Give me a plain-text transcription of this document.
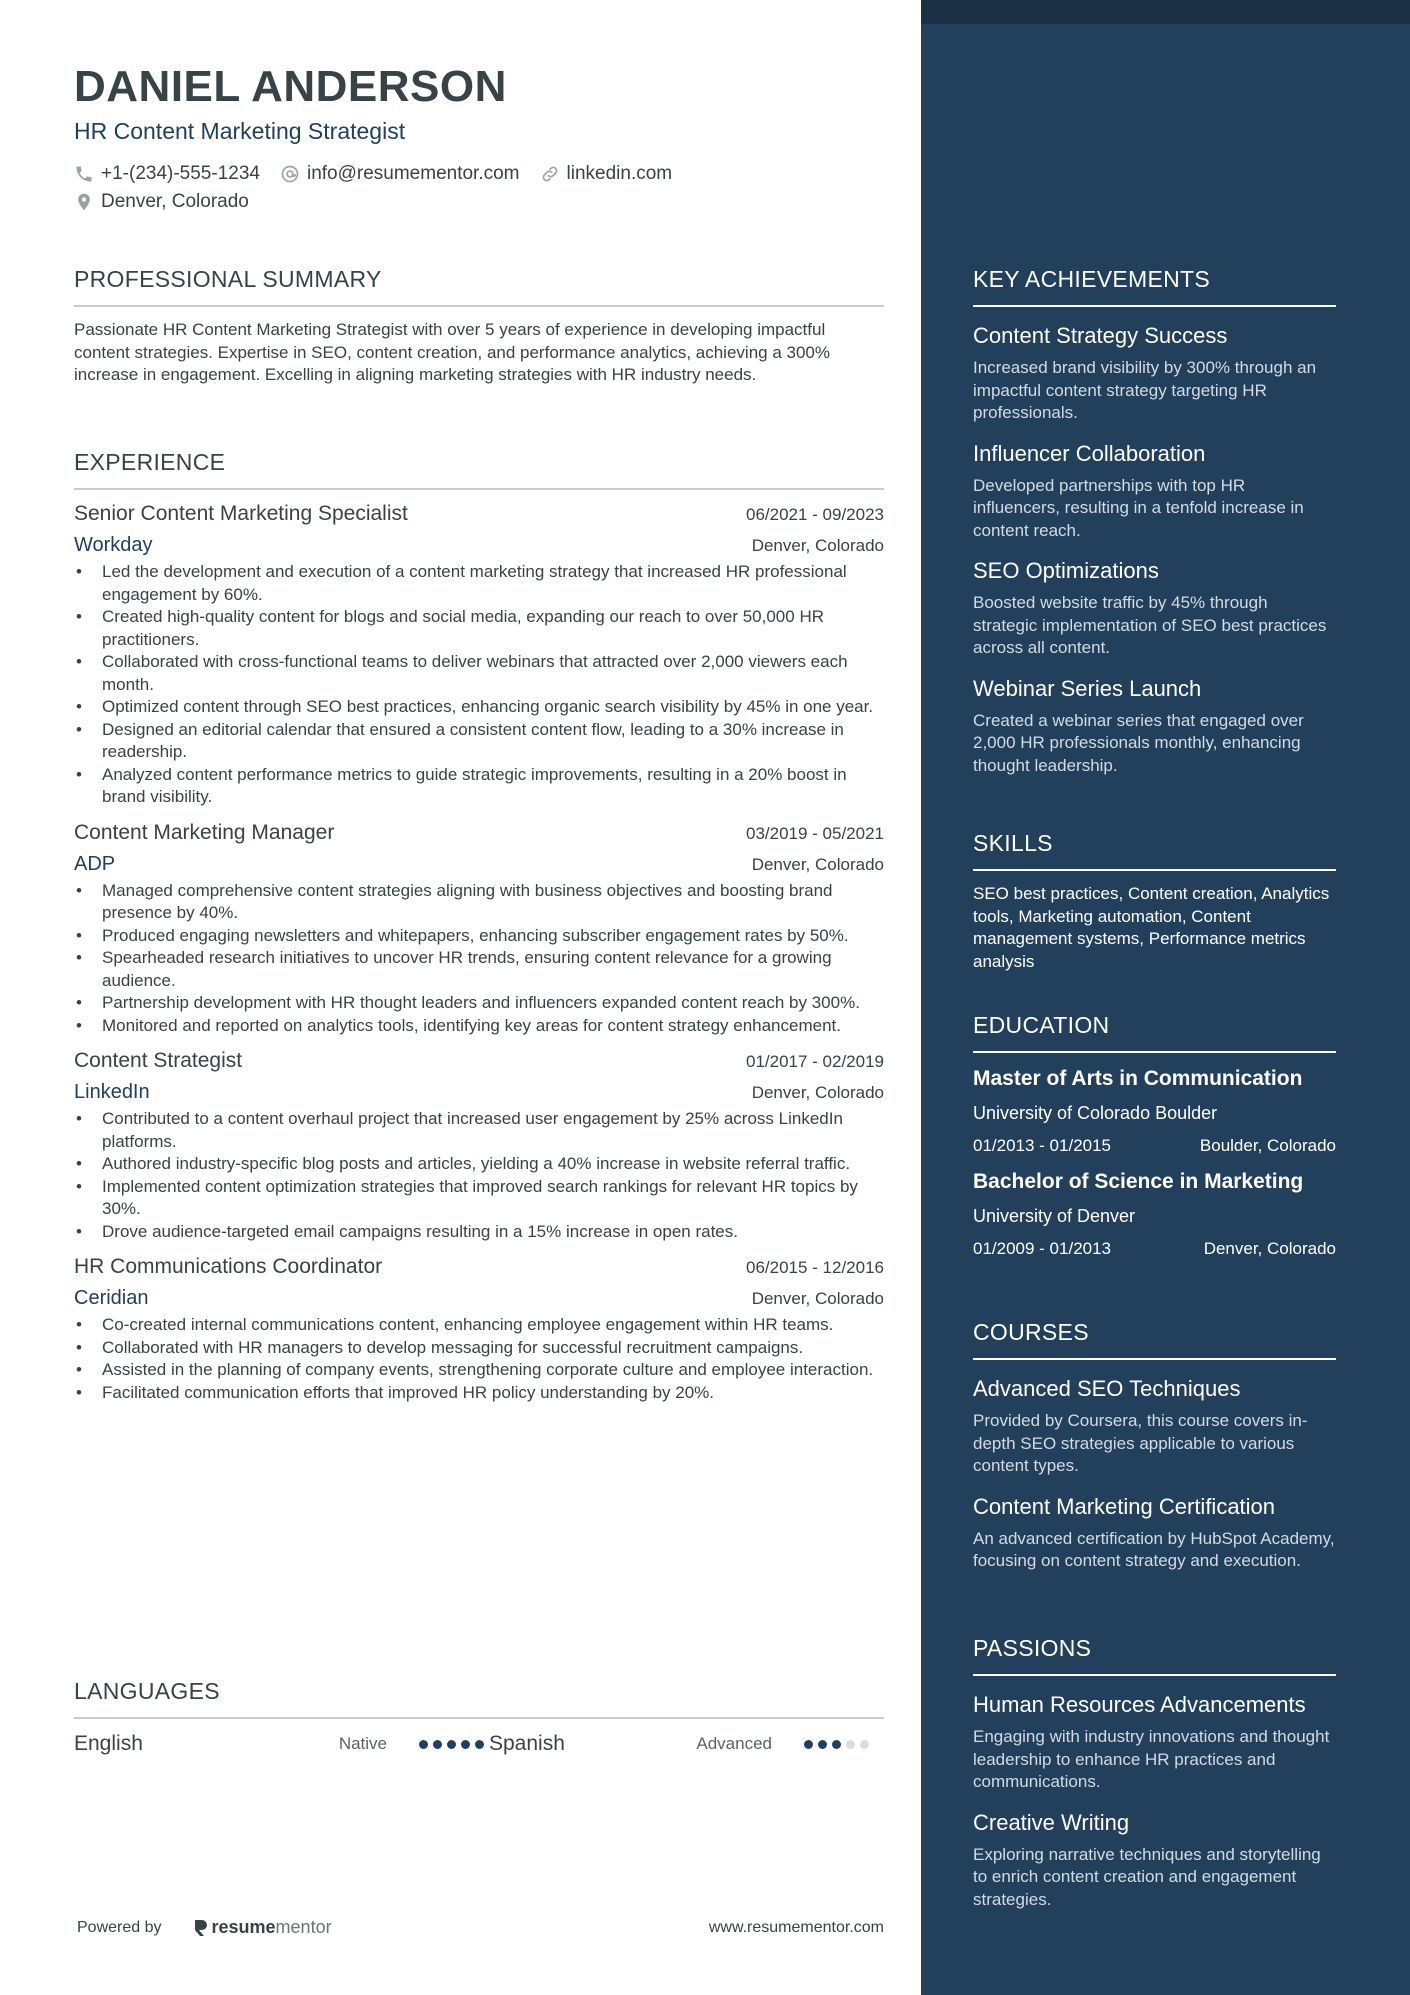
DANIEL ANDERSON
HR Content Marketing Strategist
+1-(234)-555-1234 info@resumementor.com linkedin.com
Denver, Colorado
PROFESSIONAL SUMMARY

Passionate HR Content Marketing Strategist with over 5 years of experience in developing impactful content strategies. Expertise in SEO, content creation, and performance analytics, achieving a 300% increase in engagement. Excelling in aligning marketing strategies with HR industry needs.

EXPERIENCE
Senior Content Marketing Specialist	06/2021 - 09/2023
Workday	Denver, Colorado
• Led the development and execution of a content marketing strategy that increased HR professional engagement by 60%.
• Created high-quality content for blogs and social media, expanding our reach to over 50,000 HR practitioners.
• Collaborated with cross-functional teams to deliver webinars that attracted over 2,000 viewers each month.
• Optimized content through SEO best practices, enhancing organic search visibility by 45% in one year.
• Designed an editorial calendar that ensured a consistent content flow, leading to a 30% increase in readership.
• Analyzed content performance metrics to guide strategic improvements, resulting in a 20% boost in brand visibility.
Content Marketing Manager	03/2019 - 05/2021
ADP	Denver, Colorado
• Managed comprehensive content strategies aligning with business objectives and boosting brand presence by 40%.
• Produced engaging newsletters and whitepapers, enhancing subscriber engagement rates by 50%.
• Spearheaded research initiatives to uncover HR trends, ensuring content relevance for a growing audience.
• Partnership development with HR thought leaders and influencers expanded content reach by 300%.
• Monitored and reported on analytics tools, identifying key areas for content strategy enhancement.
Content Strategist	01/2017 - 02/2019
LinkedIn	Denver, Colorado
• Contributed to a content overhaul project that increased user engagement by 25% across LinkedIn platforms.
• Authored industry-specific blog posts and articles, yielding a 40% increase in website referral traffic.
• Implemented content optimization strategies that improved search rankings for relevant HR topics by 30%.
• Drove audience-targeted email campaigns resulting in a 15% increase in open rates.
HR Communications Coordinator	06/2015 - 12/2016
Ceridian	Denver, Colorado
• Co-created internal communications content, enhancing employee engagement within HR teams.
• Collaborated with HR managers to develop messaging for successful recruitment campaigns.
• Assisted in the planning of company events, strengthening corporate culture and employee interaction.
• Facilitated communication efforts that improved HR policy understanding by 20%.
LANGUAGES
English	Native	Spanish	Advanced
Powered by	resume mentor	www.resumementor.com
KEY ACHIEVEMENTS
Content Strategy Success
Increased brand visibility by 300% through an impactful content strategy targeting HR professionals.
Influencer Collaboration
Developed partnerships with top HR influencers, resulting in a tenfold increase in content reach.
SEO Optimizations
Boosted website traffic by 45% through strategic implementation of SEO best practices across all content.
Webinar Series Launch
Created a webinar series that engaged over 2,000 HR professionals monthly, enhancing thought leadership.
SKILLS
SEO best practices, Content creation, Analytics tools, Marketing automation, Content management systems, Performance metrics analysis
EDUCATION
Master of Arts in Communication
University of Colorado Boulder
01/2013 - 01/2015	Boulder, Colorado
Bachelor of Science in Marketing
University of Denver
01/2009 - 01/2013	Denver, Colorado
COURSES
Advanced SEO Techniques
Provided by Coursera, this course covers in-depth SEO strategies applicable to various content types.
Content Marketing Certification
An advanced certification by HubSpot Academy, focusing on content strategy and execution.
PASSIONS
Human Resources Advancements
Engaging with industry innovations and thought leadership to enhance HR practices and communications.
Creative Writing
Exploring narrative techniques and storytelling to enrich content creation and engagement strategies.
